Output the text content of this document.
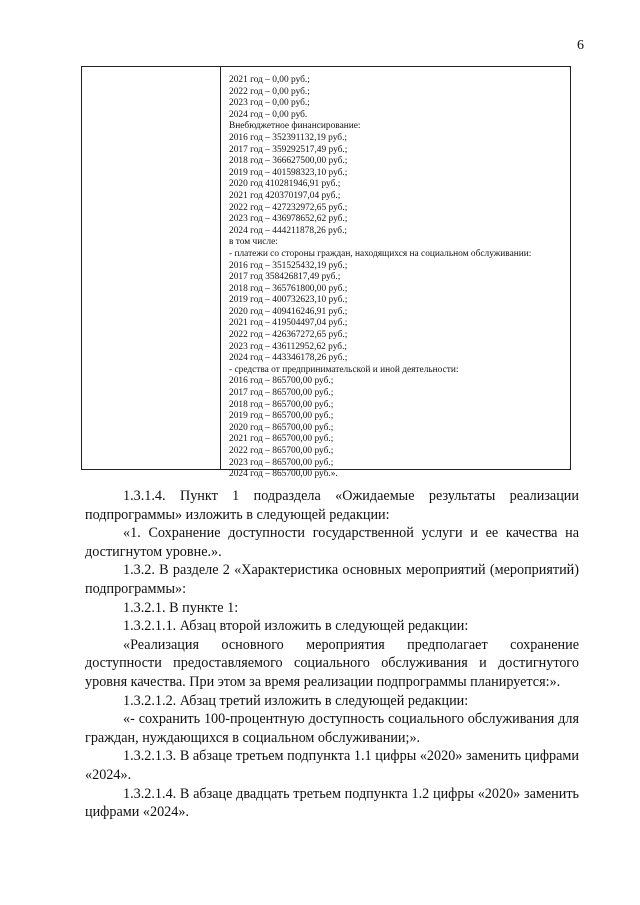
6
2021 год – 0,00 руб.;
2022 год – 0,00 руб.;
2023 год – 0,00 руб.;
2024 год – 0,00 руб.
Внебюджетное финансирование:
2016 год – 352391132,19 руб.;
2017 год – 359292517,49 руб.;
2018 год – 366627500,00 руб.;
2019 год – 401598323,10 руб.;
2020 год 410281946,91 руб.;
2021 год 420370197,04 руб.;
2022 год – 427232972,65 руб.;
2023 год – 436978652,62 руб.;
2024 год – 444211878,26 руб.;
в том числе:
- платежи со стороны граждан, находящихся на социальном обслуживании:
2016 год – 351525432,19 руб.;
2017 год 358426817,49 руб.;
2018 год – 365761800,00 руб.;
2019 год – 400732623,10 руб.;
2020 год – 409416246,91 руб.;
2021 год – 419504497,04 руб.;
2022 год – 426367272,65 руб.;
2023 год – 436112952,62 руб.;
2024 год – 443346178,26 руб.;
- средства от предпринимательской и иной деятельности:
2016 год – 865700,00 руб.;
2017 год – 865700,00 руб.;
2018 год – 865700,00 руб.;
2019 год – 865700,00 руб.;
2020 год – 865700,00 руб.;
2021 год – 865700,00 руб.;
2022 год – 865700,00 руб.;
2023 год – 865700,00 руб.;
2024 год – 865700,00 руб.».

1.3.1.4. Пункт 1 подраздела «Ожидаемые результаты реализации подпрограммы» изложить в следующей редакции:

«1. Сохранение доступности государственной услуги и ее качества на достигнутом уровне.».

1.3.2. В разделе 2 «Характеристика основных мероприятий (мероприятий) подпрограммы»:

1.3.2.1. В пункте 1:

1.3.2.1.1. Абзац второй изложить в следующей редакции:

«Реализация основного мероприятия предполагает сохранение доступности предоставляемого социального обслуживания и достигнутого уровня качества. При этом за время реализации подпрограммы планируется:».

1.3.2.1.2. Абзац третий изложить в следующей редакции:

«- сохранить 100-процентную доступность социального обслуживания для граждан, нуждающихся в социальном обслуживании;».

1.3.2.1.3. В абзаце третьем подпункта 1.1 цифры «2020» заменить цифрами «2024».

1.3.2.1.4. В абзаце двадцать третьем подпункта 1.2 цифры «2020» заменить цифрами «2024».
